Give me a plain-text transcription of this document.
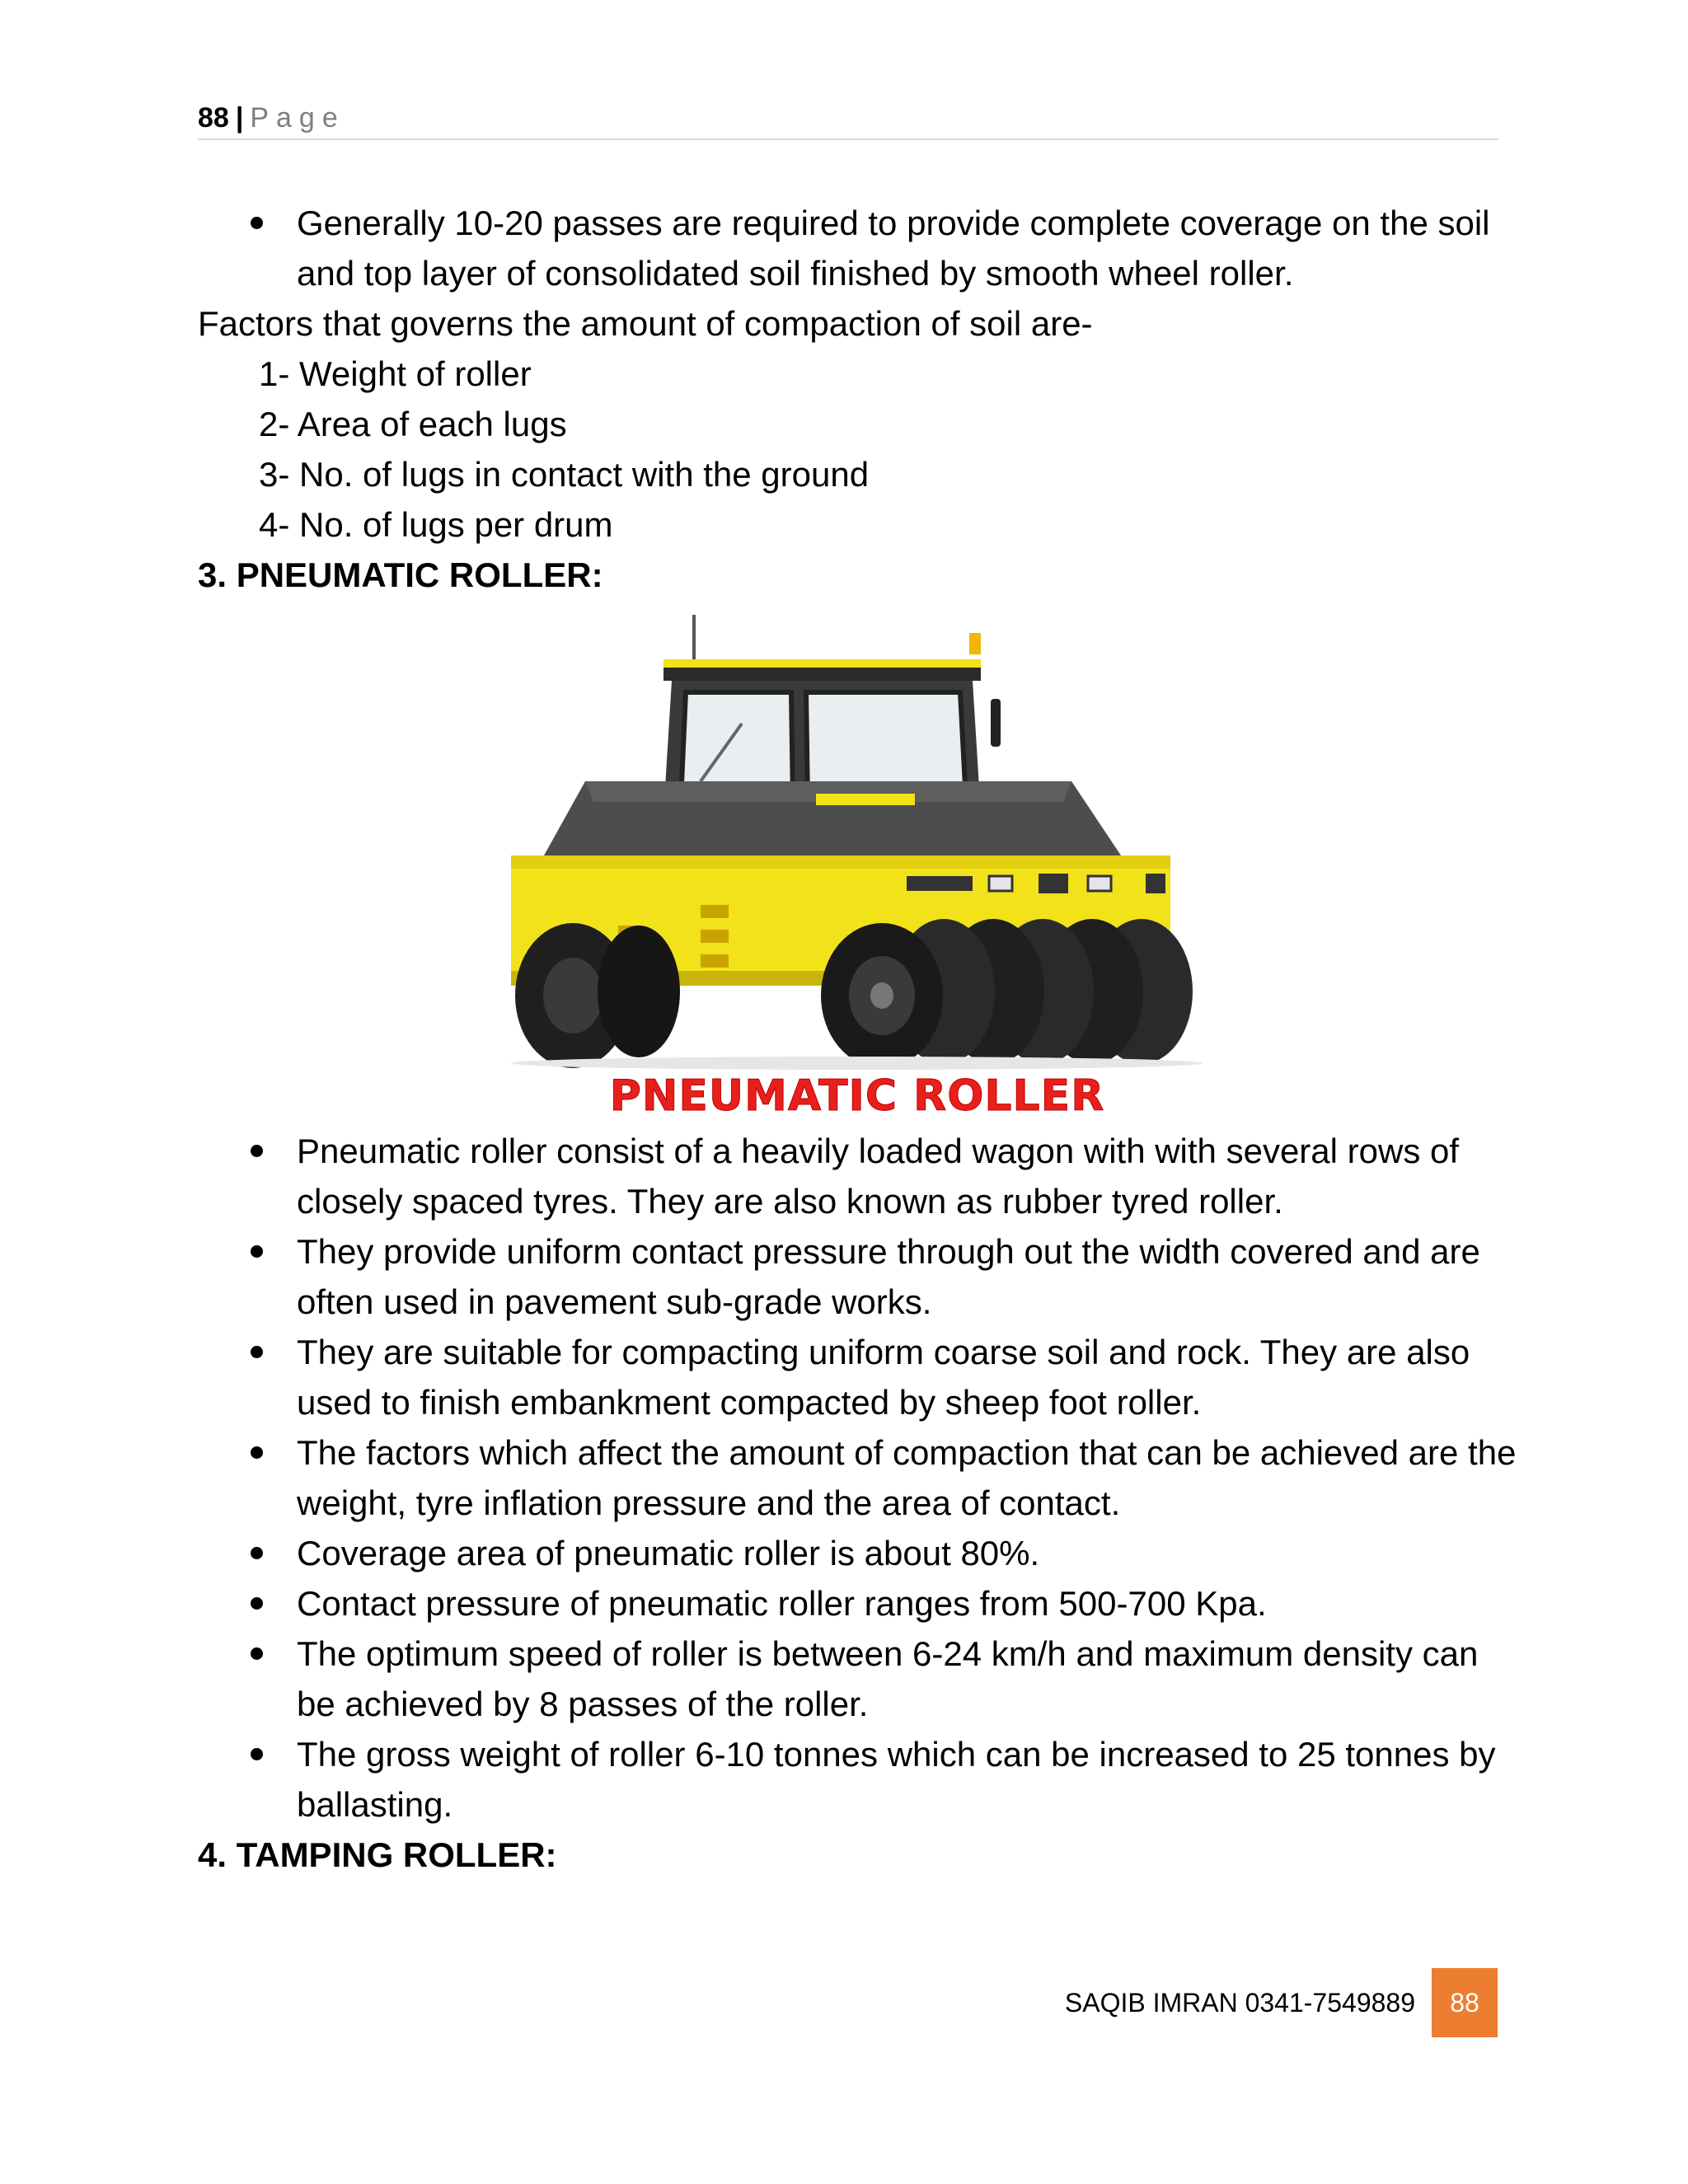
88 | Page
Generally 10-20 passes are required to provide complete coverage on the soil and top layer of consolidated soil finished by smooth wheel roller.

Factors that governs the amount of compaction of soil are-

1- Weight of roller
2- Area of each lugs
3- No. of lugs in contact with the ground
4- No. of lugs per drum

3. PNEUMATIC ROLLER:

PNEUMATIC ROLLER
Pneumatic roller consist of a heavily loaded wagon with with several rows of closely spaced tyres. They are also known as rubber tyred roller.
They provide uniform contact pressure through out the width covered and are often used in pavement sub-grade works.
They are suitable for compacting uniform coarse soil and rock. They are also used to finish embankment compacted by sheep foot roller.
The factors which affect the amount of compaction that can be achieved are the weight, tyre inflation pressure and the area of contact.
Coverage area of pneumatic roller is about 80%.
Contact pressure of pneumatic roller ranges from 500-700 Kpa.
The optimum speed of roller is between 6-24 km/h and maximum density can be achieved by 8 passes of the roller.
The gross weight of roller 6-10 tonnes which can be increased to 25 tonnes by ballasting.

4. TAMPING ROLLER:

SAQIB IMRAN 0341-7549889	88
